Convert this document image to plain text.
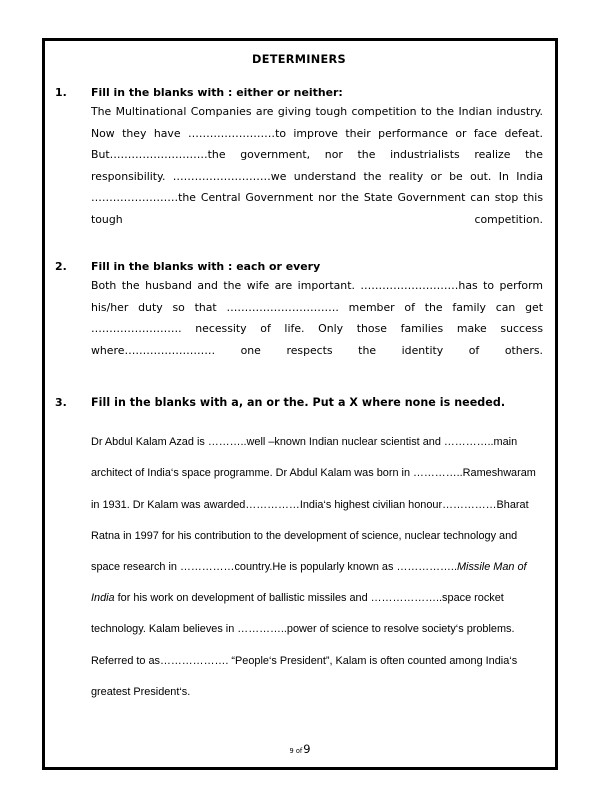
DETERMINERS
1. Fill in the blanks with : either or neither:
The Multinational Companies are giving tough competition to the Indian industry. Now they have ……………………to improve their performance or face defeat. But………………………the government, nor the industrialists realize the responsibility. ………………………we understand the reality or be out. In India ……………………the Central Government nor the State Government can stop this tough competition.
2. Fill in the blanks with : each or every
Both the husband and the wife are important. ………………………has to perform his/her duty so that …………………………. member of the family can get ……………………. necessity of life. Only those families make success where……………………. one respects the identity of others.
3. Fill in the blanks with a, an or the. Put a X where none is needed.
Dr Abdul Kalam Azad is ………..well –known Indian nuclear scientist and …………..main architect of India‘s space programme. Dr Abdul Kalam was born in …………..Rameshwaram in 1931. Dr Kalam was awarded……………India‘s highest civilian honour……………Bharat Ratna in 1997 for his contribution to the development of science, nuclear technology and space research in ……………country.He is popularly known as ……………..Missile Man of India for his work on development of ballistic missiles and ………………..space rocket technology. Kalam believes in …………..power of science to resolve society‘s problems. Referred to as………………. “People‘s President”, Kalam is often counted among India‘s greatest President‘s.
9 of9
